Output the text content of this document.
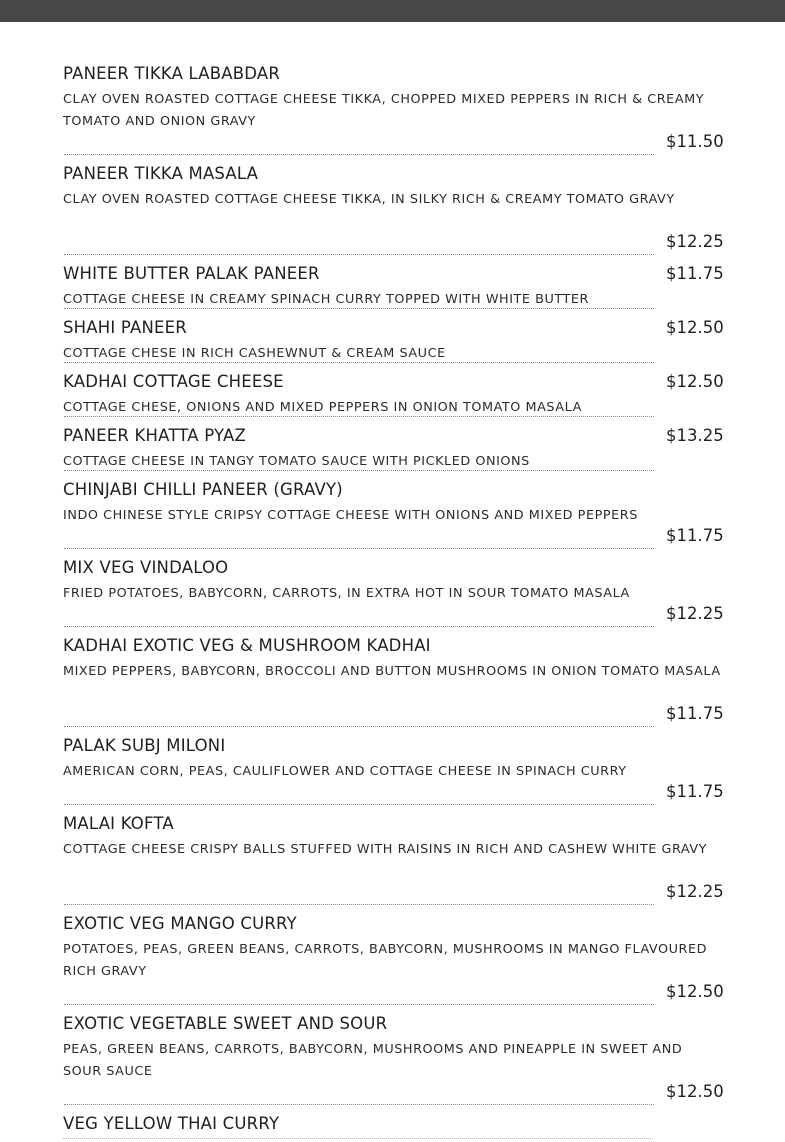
PANEER TIKKA LABABDAR
CLAY OVEN ROASTED COTTAGE CHEESE TIKKA, CHOPPED MIXED PEPPERS IN RICH & CREAMY TOMATO AND ONION GRAVY
$11.50
PANEER TIKKA MASALA
CLAY OVEN ROASTED COTTAGE CHEESE TIKKA, IN SILKY RICH & CREAMY TOMATO GRAVY
$12.25
WHITE BUTTER PALAK PANEER
COTTAGE CHEESE IN CREAMY SPINACH CURRY TOPPED WITH WHITE BUTTER
$11.75
SHAHI PANEER
COTTAGE CHESE IN RICH CASHEWNUT & CREAM SAUCE
$12.50
KADHAI COTTAGE CHEESE
COTTAGE CHESE, ONIONS AND MIXED PEPPERS IN ONION TOMATO MASALA
$12.50
PANEER KHATTA PYAZ
COTTAGE CHEESE IN TANGY TOMATO SAUCE WITH PICKLED ONIONS
$13.25
CHINJABI CHILLI PANEER (GRAVY)
INDO CHINESE STYLE CRIPSY COTTAGE CHEESE WITH ONIONS AND MIXED PEPPERS
$11.75
MIX VEG VINDALOO
FRIED POTATOES, BABYCORN, CARROTS, IN EXTRA HOT IN SOUR TOMATO MASALA
$12.25
KADHAI EXOTIC VEG & MUSHROOM KADHAI
MIXED PEPPERS, BABYCORN, BROCCOLI AND BUTTON MUSHROOMS IN ONION TOMATO MASALA
$11.75
PALAK SUBJ MILONI
AMERICAN CORN, PEAS, CAULIFLOWER AND COTTAGE CHEESE IN SPINACH CURRY
$11.75
MALAI KOFTA
COTTAGE CHEESE CRISPY BALLS STUFFED WITH RAISINS IN RICH AND CASHEW WHITE GRAVY
$12.25
EXOTIC VEG MANGO CURRY
POTATOES, PEAS, GREEN BEANS, CARROTS, BABYCORN, MUSHROOMS IN MANGO FLAVOURED RICH GRAVY
$12.50
EXOTIC VEGETABLE SWEET AND SOUR
PEAS, GREEN BEANS, CARROTS, BABYCORN, MUSHROOMS AND PINEAPPLE IN SWEET AND SOUR SAUCE
$12.50
VEG YELLOW THAI CURRY
